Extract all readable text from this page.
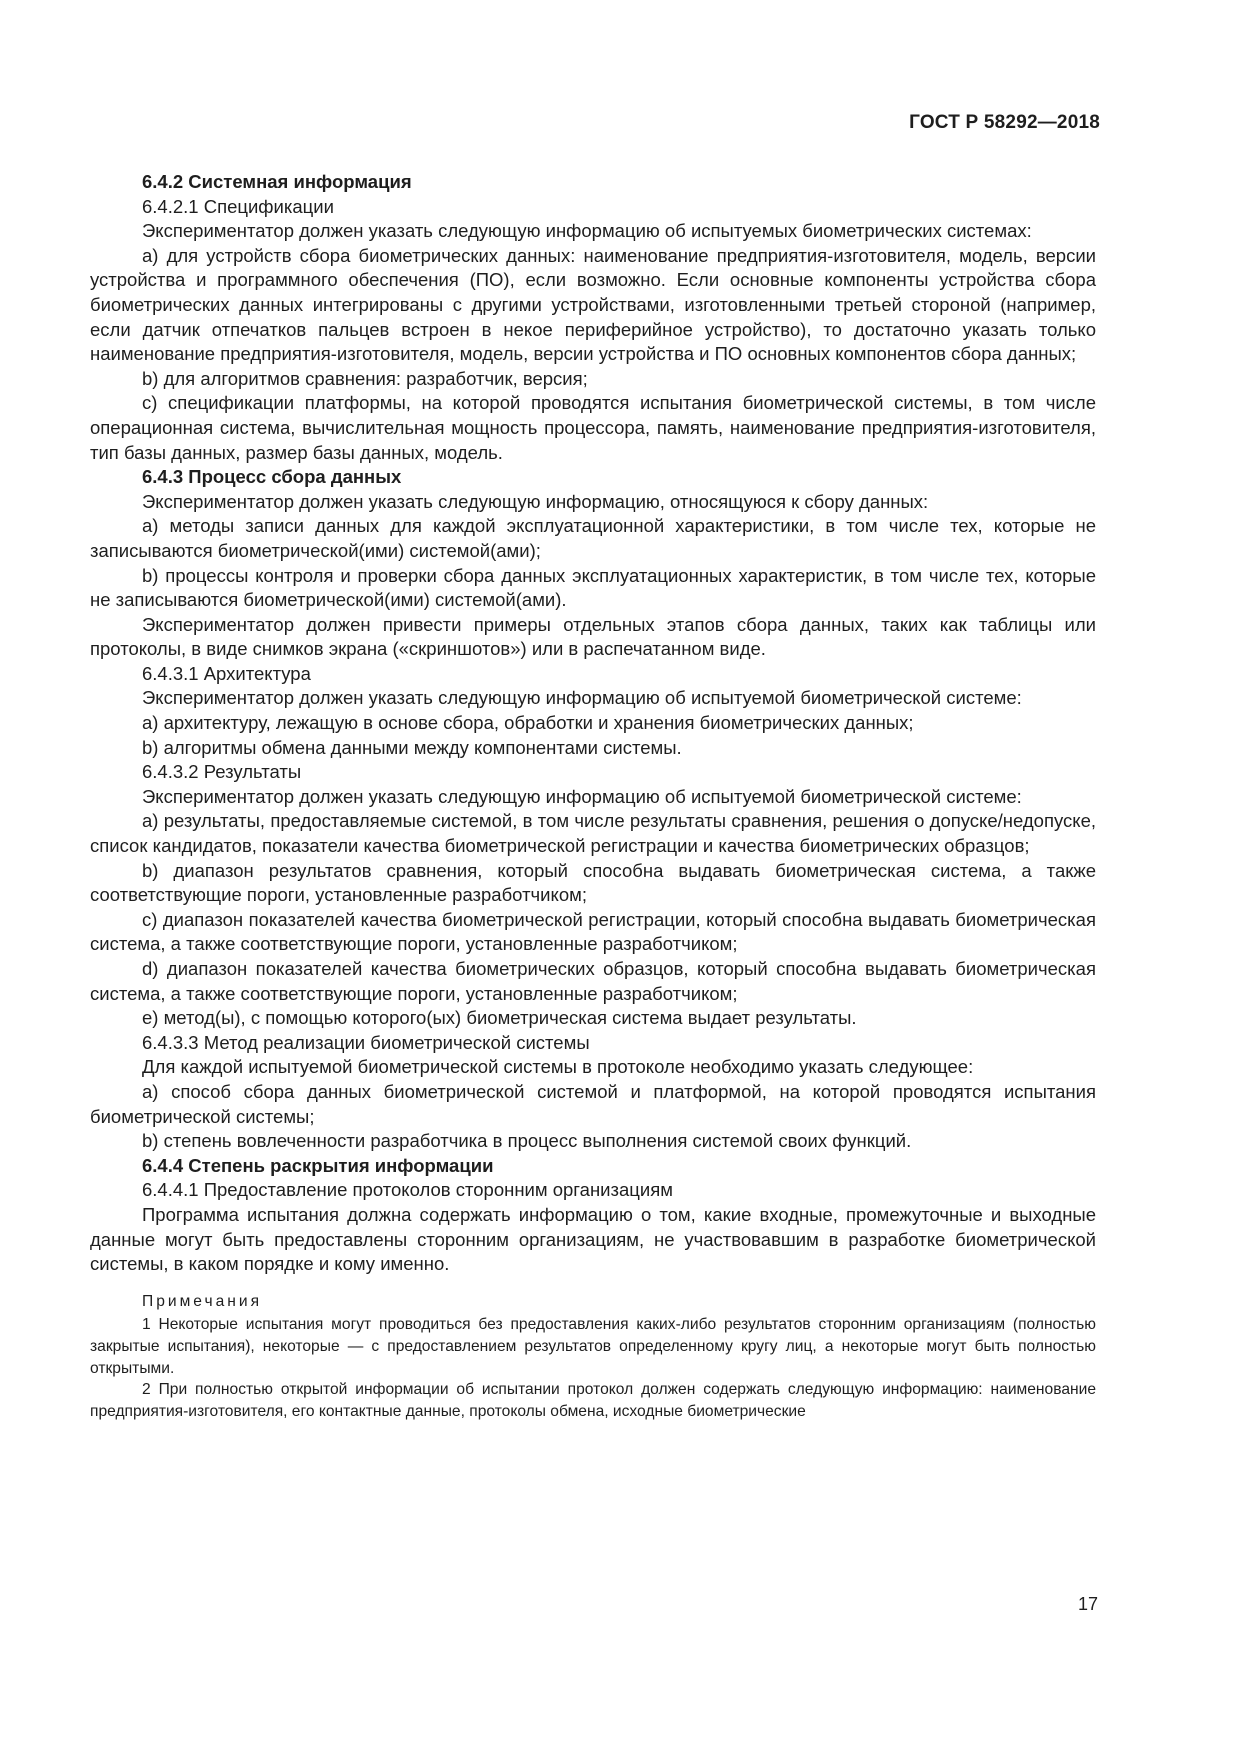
ГОСТ Р 58292—2018

6.4.2 Системная информация

6.4.2.1 Спецификации

Экспериментатор должен указать следующую информацию об испытуемых биометрических системах:

а) для устройств сбора биометрических данных: наименование предприятия-изготовителя, модель, версии устройства и программного обеспечения (ПО), если возможно. Если основные компоненты устройства сбора биометрических данных интегрированы с другими устройствами, изготовленными третьей стороной (например, если датчик отпечатков пальцев встроен в некое периферийное устройство), то достаточно указать только наименование предприятия-изготовителя, модель, версии устройства и ПО основных компонентов сбора данных;

b) для алгоритмов сравнения: разработчик, версия;

с) спецификации платформы, на которой проводятся испытания биометрической системы, в том числе операционная система, вычислительная мощность процессора, память, наименование предприятия-изготовителя, тип базы данных, размер базы данных, модель.

6.4.3 Процесс сбора данных

Экспериментатор должен указать следующую информацию, относящуюся к сбору данных:

а) методы записи данных для каждой эксплуатационной характеристики, в том числе тех, которые не записываются биометрической(ими) системой(ами);

b) процессы контроля и проверки сбора данных эксплуатационных характеристик, в том числе тех, которые не записываются биометрической(ими) системой(ами).

Экспериментатор должен привести примеры отдельных этапов сбора данных, таких как таблицы или протоколы, в виде снимков экрана («скриншотов») или в распечатанном виде.

6.4.3.1 Архитектура

Экспериментатор должен указать следующую информацию об испытуемой биометрической системе:

а) архитектуру, лежащую в основе сбора, обработки и хранения биометрических данных;

b) алгоритмы обмена данными между компонентами системы.

6.4.3.2 Результаты

Экспериментатор должен указать следующую информацию об испытуемой биометрической системе:

а) результаты, предоставляемые системой, в том числе результаты сравнения, решения о допуске/недопуске, список кандидатов, показатели качества биометрической регистрации и качества биометрических образцов;

b) диапазон результатов сравнения, который способна выдавать биометрическая система, а также соответствующие пороги, установленные разработчиком;

с) диапазон показателей качества биометрической регистрации, который способна выдавать биометрическая система, а также соответствующие пороги, установленные разработчиком;

d) диапазон показателей качества биометрических образцов, который способна выдавать биометрическая система, а также соответствующие пороги, установленные разработчиком;

е) метод(ы), с помощью которого(ых) биометрическая система выдает результаты.

6.4.3.3 Метод реализации биометрической системы

Для каждой испытуемой биометрической системы в протоколе необходимо указать следующее:

а) способ сбора данных биометрической системой и платформой, на которой проводятся испытания биометрической системы;

b) степень вовлеченности разработчика в процесс выполнения системой своих функций.

6.4.4 Степень раскрытия информации

6.4.4.1 Предоставление протоколов сторонним организациям

Программа испытания должна содержать информацию о том, какие входные, промежуточные и выходные данные могут быть предоставлены сторонним организациям, не участвовавшим в разработке биометрической системы, в каком порядке и кому именно.

Примечания

1 Некоторые испытания могут проводиться без предоставления каких-либо результатов сторонним организациям (полностью закрытые испытания), некоторые — с предоставлением результатов определенному кругу лиц, а некоторые могут быть полностью открытыми.

2 При полностью открытой информации об испытании протокол должен содержать следующую информацию: наименование предприятия-изготовителя, его контактные данные, протоколы обмена, исходные биометрические

17
